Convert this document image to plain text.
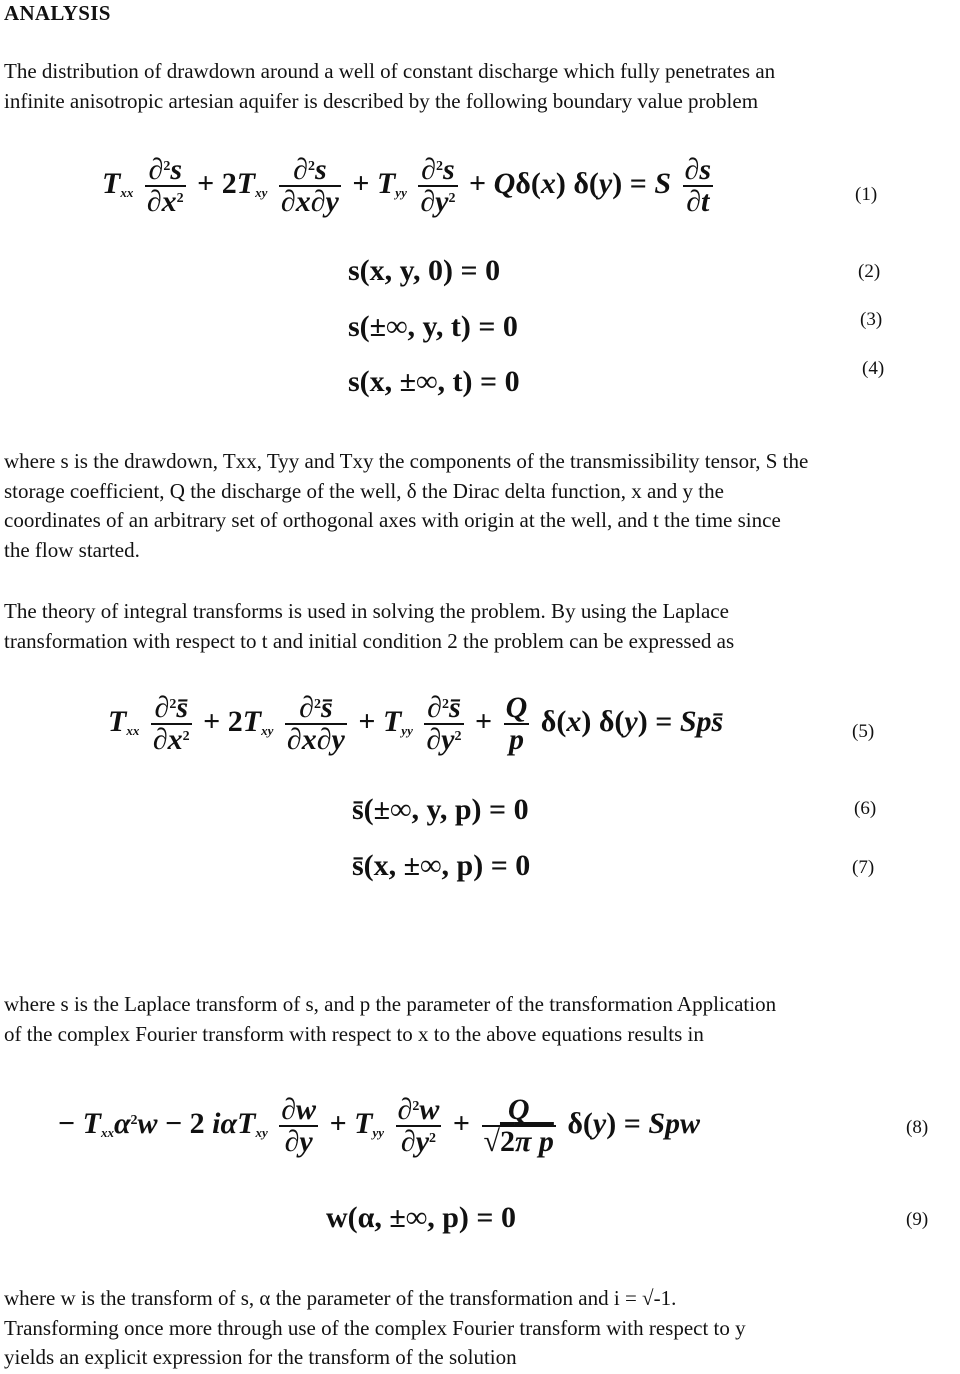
ANALYSIS
The distribution of drawdown around a well of constant discharge which fully penetrates an
infinite anisotropic artesian aquifer is described by the following boundary value problem
$T_{xx} \frac{\partial^2s}{\partial x^2} + 2T_{xy} \frac{\partial^2s}{\partial x\partial y} + T_{yy} \frac{\partial^2s}{\partial y^2} + Q\delta(x) \delta(y) = S \frac{\partial s}{\partial t}$	(1)
s(x, y, 0) = 0	(2)
s(±∞, y, t) = 0	(3)
s(x, ±∞, t) = 0	(4)
where s is the drawdown, Txx, Tyy and Txy the components of the transmissibility tensor, S the
storage coefficient, Q the discharge of the well, δ the Dirac delta function, x and y the
coordinates of an arbitrary set of orthogonal axes with origin at the well, and t the time since
the flow started.
The theory of integral transforms is used in solving the problem. By using the Laplace
transformation with respect to t and initial condition 2 the problem can be expressed as
$T_{xx} \frac{\partial^2s̄}{\partial x^2} + 2T_{xy} \frac{\partial^2s̄}{\partial x\partial y} + T_{yy} \frac{\partial^2s̄}{\partial y^2} + \frac{Q}{p} \delta(x) \delta(y)$ = Sps̄	(5)
s̄(±∞, y, p) = 0	(6)
s̄(x, ±∞, p) = 0	(7)
where s is the Laplace transform of s, and p the parameter of the transformation Application
of the complex Fourier transform with respect to x to the above equations results in
− $T_{xx}\alpha^2w - 2$ $i\alpha T_{xy} \frac{\partial w}{\partial y} + T_{yy} \frac{\partial^2w}{\partial y^2} + \frac{Q}{\text{√2π p}} \delta(y)$ = Spw	(8)
w(α, ±∞, p) = 0	(9)
where w is the transform of s, α the parameter of the transformation and i = √-1.
Transforming once more through use of the complex Fourier transform with respect to y
yields an explicit expression for the transform of the solution
